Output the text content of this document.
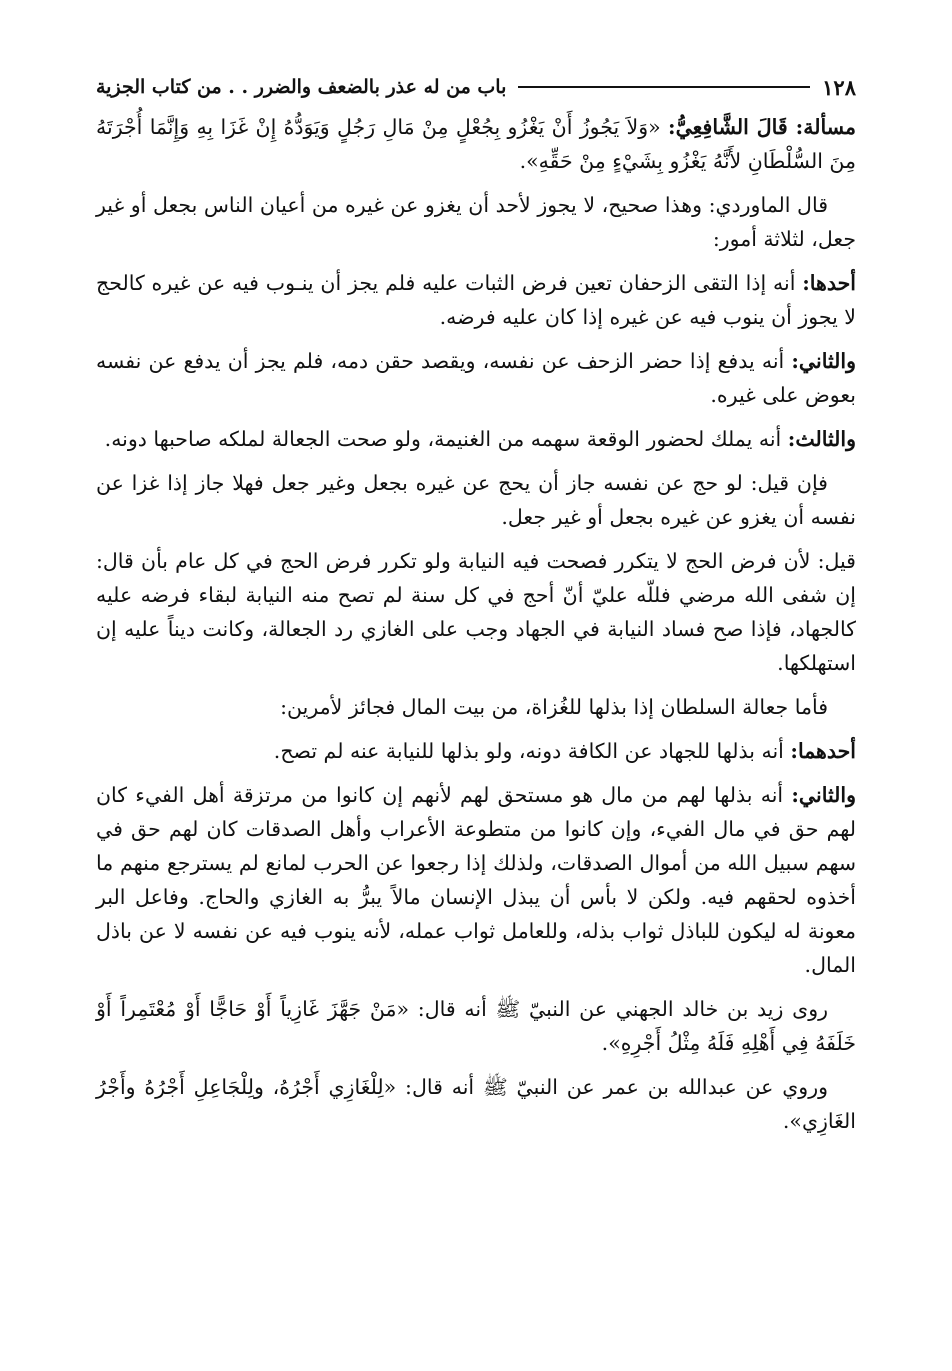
١٢٨
باب من له عذر بالضعف والضرر . . من كتاب الجزية

مسألة: قَالَ الشَّافِعِيُّ: «وَلاَ يَجُوزُ أَنْ يَغْزُو بِجُعْلٍ مِنْ مَالِ رَجُلٍ وَيَوَدُّهُ إِنْ غَزَا بِهِ وَإِنَّمَا أُجْرَتَهُ مِنَ السُّلْطَانِ لأَنَّهُ يَغْزُو بِشَيْءٍ مِنْ حَقِّهِ».

قال الماوردي: وهذا صحيح، لا يجوز لأحد أن يغزو عن غيره من أعيان الناس بجعل أو غير جعل، لثلاثة أمور:

أحدها: أنه إذا التقى الزحفان تعين فرض الثبات عليه فلم يجز أن ينـوب فيه عن غيره كالحج لا يجوز أن ينوب فيه عن غيره إذا كان عليه فرضه.

والثاني: أنه يدفع إذا حضر الزحف عن نفسه، ويقصد حقن دمه، فلم يجز أن يدفع عن نفسه بعوض على غيره.

والثالث: أنه يملك لحضور الوقعة سهمه من الغنيمة، ولو صحت الجعالة لملكه صاحبها دونه.

فإن قيل: لو حج عن نفسه جاز أن يحج عن غيره بجعل وغير جعل فهلا جاز إذا غزا عن نفسه أن يغزو عن غيره بجعل أو غير جعل.

قيل: لأن فرض الحج لا يتكرر فصحت فيه النيابة ولو تكرر فرض الحج في كل عام بأن قال: إن شفى الله مرضي فللّه عليّ أنّ أحج في كل سنة لم تصح منه النيابة لبقاء فرضه عليه كالجهاد، فإذا صح فساد النيابة في الجهاد وجب على الغازي رد الجعالة، وكانت ديناً عليه إن استهلكها.

فأما جعالة السلطان إذا بذلها للغُزاة، من بيت المال فجائز لأمرين:

أحدهما: أنه بذلها للجهاد عن الكافة دونه، ولو بذلها للنيابة عنه لم تصح.

والثاني: أنه بذلها لهم من مال هو مستحق لهم لأنهم إن كانوا من مرتزقة أهل الفيء كان لهم حق في مال الفيء، وإن كانوا من متطوعة الأعراب وأهل الصدقات كان لهم حق في سهم سبيل الله من أموال الصدقات، ولذلك إذا رجعوا عن الحرب لمانع لم يسترجع منهم ما أخذوه لحقهم فيه. ولكن لا بأس أن يبذل الإنسان مالاً يبرُّ به الغازي والحاج. وفاعل البر معونة له ليكون للباذل ثواب بذله، وللعامل ثواب عمله، لأنه ينوب فيه عن نفسه لا عن باذل المال.

روى زيد بن خالد الجهني عن النبيّ ﷺ أنه قال: «مَنْ جَهَّزَ غَازِياً أَوْ حَاجًّا أَوْ مُعْتَمِراً أَوْ خَلَفَهُ فِي أَهْلِهِ فَلَهُ مِثْلُ أَجْرِهِ».

وروي عن عبدالله بن عمر عن النبيّ ﷺ أنه قال: «لِلْغَازِي أَجْرُهُ، ولِلْجَاعِلِ أَجْرُهُ وأَجْرُ الغَازِي».
